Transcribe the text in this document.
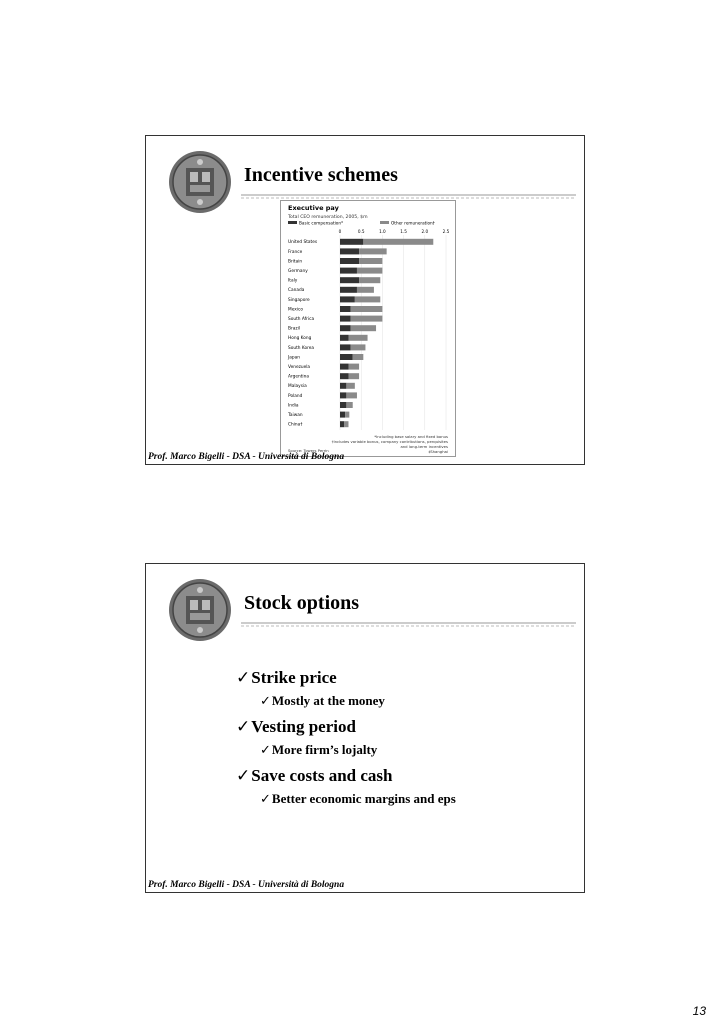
Incentive schemes
Executive pay
Total CEO remuneration, 2005, $m
Basic compensation*	Other remuneration†
0	0.5	1.0	1.5	2.0	2.5
United States
France
Britain
Germany
Italy
Canada
Singapore
Mexico
South Africa
Brazil
Hong Kong
South Korea
Japan
Venezuela
Argentina
Malaysia
Poland
India
Taiwan
China†
*Including base salary and fixed bonus
†Includes variable bonus, company contributions, perquisites
and long-term incentives
‡Shanghai
Source: Towers Perrin
Prof. Marco Bigelli - DSA - Università di Bologna
Stock options

✓Strike price

✓Mostly at the money

✓Vesting period

✓More firm’s lojalty

✓Save costs and cash

✓Better economic margins and eps

Prof. Marco Bigelli - DSA - Università di Bologna
13
